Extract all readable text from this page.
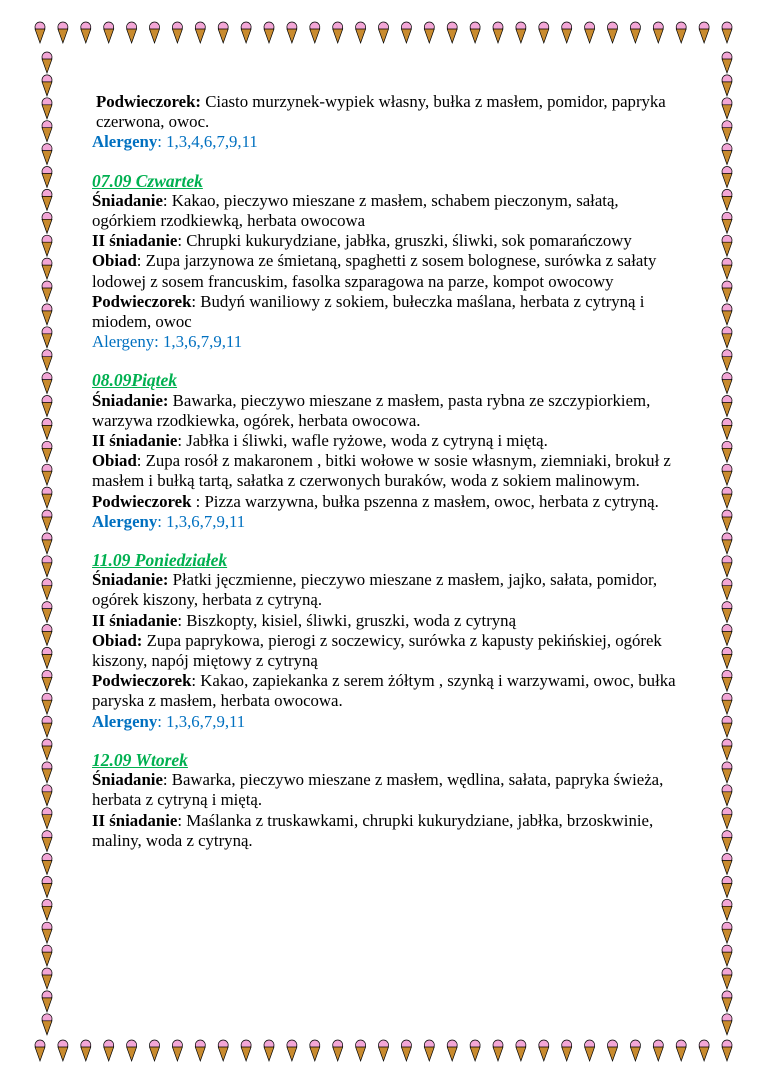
Podwieczorek: Ciasto murzynek-wypiek własny, bułka z masłem, pomidor, papryka czerwona, owoc.

Alergeny: 1,3,4,6,7,9,11

07.09 Czwartek

Śniadanie: Kakao, pieczywo mieszane z masłem, schabem pieczonym, sałatą, ogórkiem rzodkiewką, herbata owocowa

II śniadanie: Chrupki kukurydziane, jabłka, gruszki, śliwki, sok pomarańczowy

Obiad: Zupa jarzynowa ze śmietaną, spaghetti z sosem bolognese, surówka z sałaty lodowej z sosem francuskim, fasolka szparagowa na parze, kompot owocowy

Podwieczorek: Budyń waniliowy z sokiem, bułeczka maślana, herbata z cytryną i miodem, owoc

Alergeny: 1,3,6,7,9,11

08.09Piątek

Śniadanie: Bawarka, pieczywo mieszane z masłem, pasta rybna ze szczypiorkiem, warzywa rzodkiewka, ogórek, herbata owocowa.

II śniadanie: Jabłka i śliwki, wafle ryżowe, woda z cytryną i miętą.

Obiad: Zupa rosół z makaronem , bitki wołowe w sosie własnym, ziemniaki, brokuł z masłem i bułką tartą, sałatka z czerwonych buraków, woda z sokiem malinowym.

Podwieczorek : Pizza warzywna, bułka pszenna z masłem, owoc, herbata z cytryną.

Alergeny: 1,3,6,7,9,11

11.09 Poniedziałek

Śniadanie: Płatki jęczmienne, pieczywo mieszane z masłem, jajko, sałata, pomidor, ogórek kiszony, herbata z cytryną.

II śniadanie: Biszkopty, kisiel, śliwki, gruszki, woda z cytryną

Obiad: Zupa paprykowa, pierogi z soczewicy, surówka z kapusty pekińskiej, ogórek kiszony, napój miętowy z cytryną

Podwieczorek: Kakao, zapiekanka z serem żółtym , szynką i warzywami, owoc, bułka paryska z masłem, herbata owocowa.

Alergeny: 1,3,6,7,9,11

12.09 Wtorek

Śniadanie: Bawarka, pieczywo mieszane z masłem, wędlina, sałata, papryka świeża, herbata z cytryną i miętą.

II śniadanie: Maślanka z truskawkami, chrupki kukurydziane, jabłka, brzoskwinie, maliny, woda z cytryną.
